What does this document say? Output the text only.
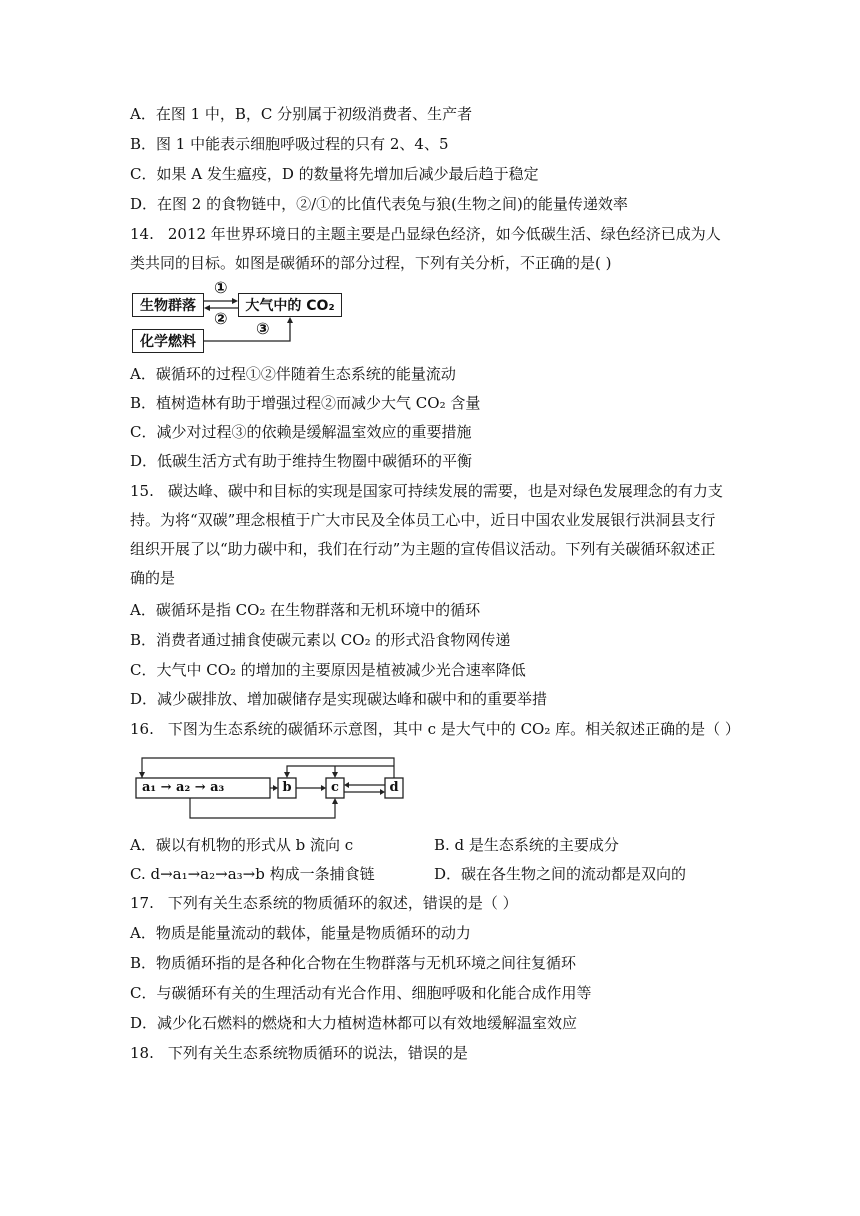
A．在图 1 中，B，C 分别属于初级消费者、生产者
B．图 1 中能表示细胞呼吸过程的只有 2、4、5
C．如果 A 发生瘟疫，D 的数量将先增加后减少最后趋于稳定
D．在图 2 的食物链中，②/①的比值代表兔与狼(生物之间)的能量传递效率
14. 2012 年世界环境日的主题主要是凸显绿色经济，如今低碳生活、绿色经济已成为人类共同的目标。如图是碳循环的部分过程，下列有关分析，不正确的是( )
生物群落	大气中的 CO₂
化学燃料
①
②
③
A．碳循环的过程①②伴随着生态系统的能量流动
B．植树造林有助于增强过程②而减少大气 CO₂ 含量
C．减少对过程③的依赖是缓解温室效应的重要措施
D．低碳生活方式有助于维持生物圈中碳循环的平衡
15. 碳达峰、碳中和目标的实现是国家可持续发展的需要，也是对绿色发展理念的有力支持。为将“双碳”理念根植于广大市民及全体员工心中，近日中国农业发展银行洪洞县支行组织开展了以“助力碳中和，我们在行动”为主题的宣传倡议活动。下列有关碳循环叙述正确的是
A．碳循环是指 CO₂ 在生物群落和无机环境中的循环
B．消费者通过捕食使碳元素以 CO₂ 的形式沿食物网传递
C．大气中 CO₂ 的增加的主要原因是植被减少光合速率降低
D．减少碳排放、增加碳储存是实现碳达峰和碳中和的重要举措
16. 下图为生态系统的碳循环示意图，其中 c 是大气中的 CO₂ 库。相关叙述正确的是（ ）
a₁ → a₂ → a₃	b	c	d
A．碳以有机物的形式从 b 流向 c	B. d 是生态系统的主要成分
C. d→a₁→a₂→a₃→b 构成一条捕食链	D．碳在各生物之间的流动都是双向的
17. 下列有关生态系统的物质循环的叙述，错误的是（ ）
A．物质是能量流动的载体，能量是物质循环的动力
B．物质循环指的是各种化合物在生物群落与无机环境之间往复循环
C．与碳循环有关的生理活动有光合作用、细胞呼吸和化能合成作用等
D．减少化石燃料的燃烧和大力植树造林都可以有效地缓解温室效应
18. 下列有关生态系统物质循环的说法，错误的是
